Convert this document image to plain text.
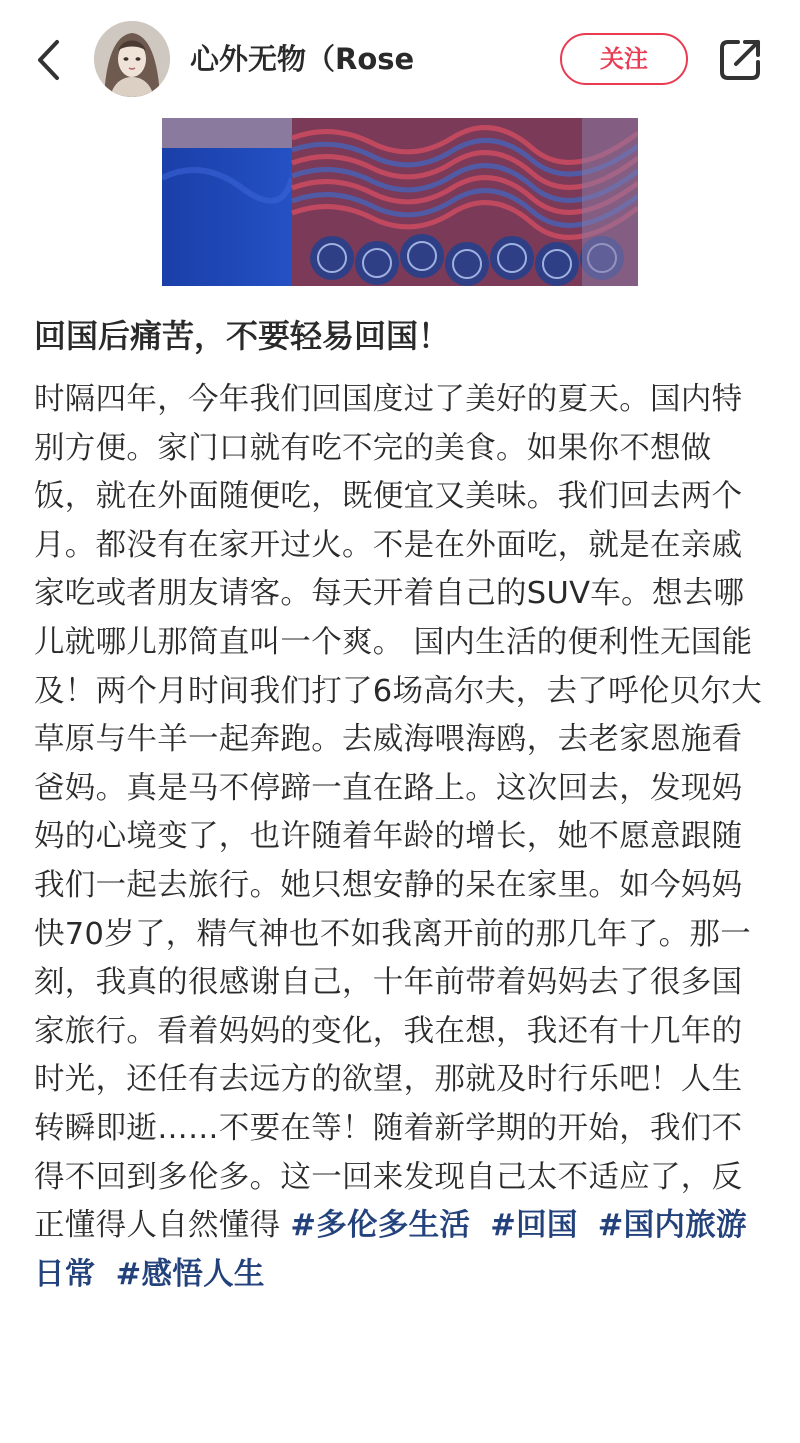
心外无物（Rose	关注
回国后痛苦，不要轻易回国！

时隔四年，今年我们回国度过了美好的夏天。国内特别方便。家门口就有吃不完的美食。如果你不想做饭，就在外面随便吃，既便宜又美味。我们回去两个月。都没有在家开过火。不是在外面吃，就是在亲戚家吃或者朋友请客。每天开着自己的SUV车。想去哪儿就哪儿那简直叫一个爽。 国内生活的便利性无国能及！两个月时间我们打了6场高尔夫，去了呼伦贝尔大草原与牛羊一起奔跑。去威海喂海鸥，去老家恩施看爸妈。真是马不停蹄一直在路上。这次回去，发现妈妈的心境变了，也许随着年龄的增长，她不愿意跟随我们一起去旅行。她只想安静的呆在家里。如今妈妈快70岁了，精气神也不如我离开前的那几年了。那一刻，我真的很感谢自己，十年前带着妈妈去了很多国家旅行。看着妈妈的变化，我在想，我还有十几年的时光，还任有去远方的欲望，那就及时行乐吧！人生转瞬即逝……不要在等！随着新学期的开始，我们不得不回到多伦多。这一回来发现自己太不适应了，反正懂得人自然懂得 #多伦多生活 #回国 #国内旅游日常 #感悟人生
